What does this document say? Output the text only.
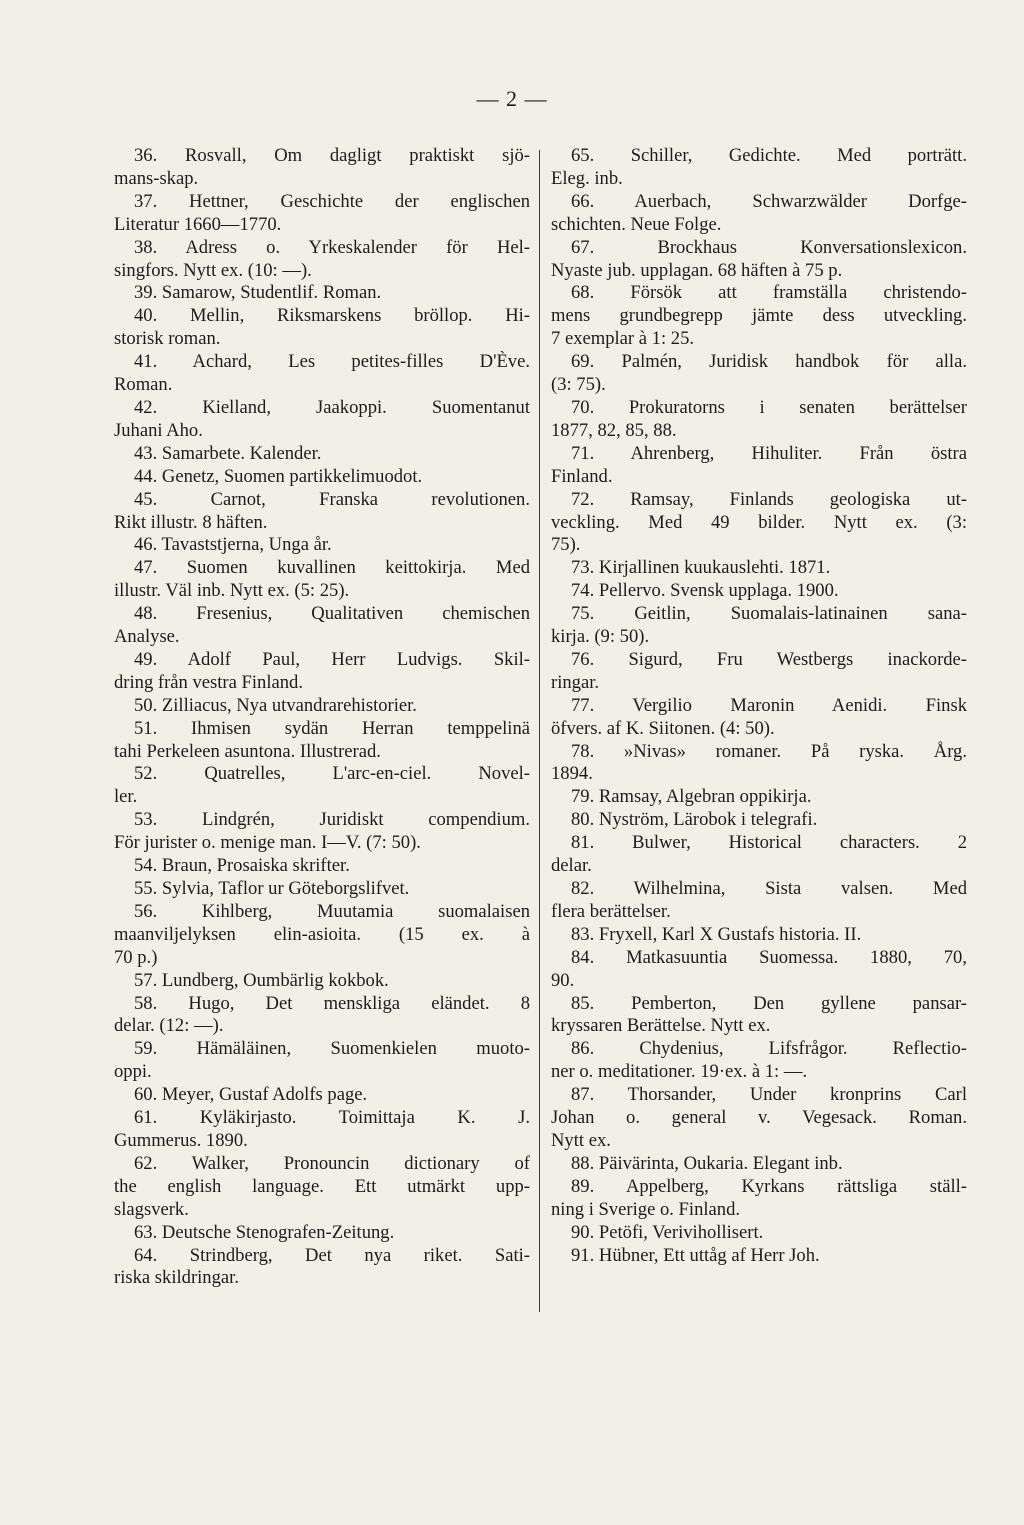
— 2 —
36. Rosvall, Om dagligt praktiskt sjö-
mans-skap.
37. Hettner, Geschichte der englischen
Literatur 1660—1770.
38. Adress o. Yrkeskalender för Hel-
singfors. Nytt ex. (10: —).
39. Samarow, Studentlif. Roman.
40. Mellin, Riksmarskens bröllop. Hi-
storisk roman.
41. Achard, Les petites-filles D'Ève.
Roman.
42. Kielland, Jaakoppi. Suomentanut
Juhani Aho.
43. Samarbete. Kalender.
44. Genetz, Suomen partikkelimuodot.
45. Carnot, Franska revolutionen.
Rikt illustr. 8 häften.
46. Tavaststjerna, Unga år.
47. Suomen kuvallinen keittokirja. Med
illustr. Väl inb. Nytt ex. (5: 25).
48. Fresenius, Qualitativen chemischen
Analyse.
49. Adolf Paul, Herr Ludvigs. Skil-
dring från vestra Finland.
50. Zilliacus, Nya utvandrarehistorier.
51. Ihmisen sydän Herran temppelinä
tahi Perkeleen asuntona. Illustrerad.
52. Quatrelles, L'arc-en-ciel. Novel-
ler.
53. Lindgrén, Juridiskt compendium.
För jurister o. menige man. I—V. (7: 50).
54. Braun, Prosaiska skrifter.
55. Sylvia, Taflor ur Göteborgslifvet.
56. Kihlberg, Muutamia suomalaisen
maanviljelyksen elin-asioita. (15 ex. à
70 p.)
57. Lundberg, Oumbärlig kokbok.
58. Hugo, Det menskliga eländet. 8
delar. (12: —).
59. Hämäläinen, Suomenkielen muoto-
oppi.
60. Meyer, Gustaf Adolfs page.
61. Kyläkirjasto. Toimittaja K. J.
Gummerus. 1890.
62. Walker, Pronouncin dictionary of
the english language. Ett utmärkt upp-
slagsverk.
63. Deutsche Stenografen-Zeitung.
64. Strindberg, Det nya riket. Sati-
riska skildringar.
65. Schiller, Gedichte. Med porträtt.
Eleg. inb.
66. Auerbach, Schwarzwälder Dorfge-
schichten. Neue Folge.
67. Brockhaus Konversationslexicon.
Nyaste jub. upplagan. 68 häften à 75 p.
68. Försök att framställa christendo-
mens grundbegrepp jämte dess utveckling.
7 exemplar à 1: 25.
69. Palmén, Juridisk handbok för alla.
(3: 75).
70. Prokuratorns i senaten berättelser
1877, 82, 85, 88.
71. Ahrenberg, Hihuliter. Från östra
Finland.
72. Ramsay, Finlands geologiska ut-
veckling. Med 49 bilder. Nytt ex. (3:
75).
73. Kirjallinen kuukauslehti. 1871.
74. Pellervo. Svensk upplaga. 1900.
75. Geitlin, Suomalais-latinainen sana-
kirja. (9: 50).
76. Sigurd, Fru Westbergs inackorde-
ringar.
77. Vergilio Maronin Aenidi. Finsk
öfvers. af K. Siitonen. (4: 50).
78. »Nivas» romaner. På ryska. Årg.
1894.
79. Ramsay, Algebran oppikirja.
80. Nyström, Lärobok i telegrafi.
81. Bulwer, Historical characters. 2
delar.
82. Wilhelmina, Sista valsen. Med
flera berättelser.
83. Fryxell, Karl X Gustafs historia. II.
84. Matkasuuntia Suomessa. 1880, 70,
90.
85. Pemberton, Den gyllene pansar-
kryssaren Berättelse. Nytt ex.
86. Chydenius, Lifsfrågor. Reflectio-
ner o. meditationer. 19·ex. à 1: —.
87. Thorsander, Under kronprins Carl
Johan o. general v. Vegesack. Roman.
Nytt ex.
88. Päivärinta, Oukaria. Elegant inb.
89. Appelberg, Kyrkans rättsliga ställ-
ning i Sverige o. Finland.
90. Petöfi, Verivihollisert.
91. Hübner, Ett uttåg af Herr Joh.
